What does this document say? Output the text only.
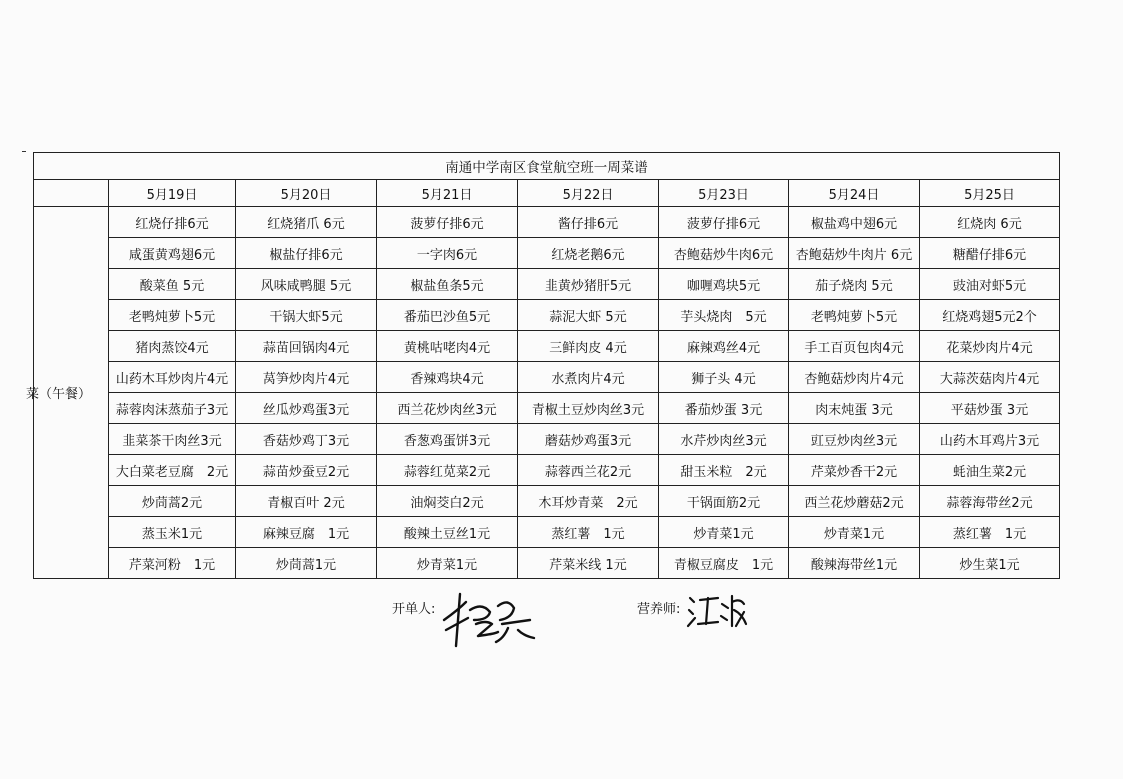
南通中学南区食堂航空班一周菜谱							
	5月19日	5月20日	5月21日	5月22日	5月23日	5月24日	5月25日
菜（午餐）	红烧仔排6元	红烧猪爪 6元	菠萝仔排6元	酱仔排6元	菠萝仔排6元	椒盐鸡中翅6元	红烧肉 6元
	咸蛋黄鸡翅6元	椒盐仔排6元	一字肉6元	红烧老鹅6元	杏鲍菇炒牛肉6元	杏鲍菇炒牛肉片 6元	糖醋仔排6元
	酸菜鱼 5元	风味咸鸭腿 5元	椒盐鱼条5元	韭黄炒猪肝5元	咖喱鸡块5元	茄子烧肉 5元	豉油对虾5元
	老鸭炖萝卜5元	干锅大虾5元	番茄巴沙鱼5元	蒜泥大虾 5元	芋头烧肉　5元	老鸭炖萝卜5元	红烧鸡翅5元2个
	猪肉蒸饺4元	蒜苗回锅肉4元	黄桃咕咾肉4元	三鲜肉皮 4元	麻辣鸡丝4元	手工百页包肉4元	花菜炒肉片4元
	山药木耳炒肉片4元	莴笋炒肉片4元	香辣鸡块4元	水煮肉片4元	狮子头 4元	杏鲍菇炒肉片4元	大蒜茨菇肉片4元
	蒜蓉肉沫蒸茄子3元	丝瓜炒鸡蛋3元	西兰花炒肉丝3元	青椒土豆炒肉丝3元	番茄炒蛋 3元	肉末炖蛋 3元	平菇炒蛋 3元
	韭菜茶干肉丝3元	香菇炒鸡丁3元	香葱鸡蛋饼3元	蘑菇炒鸡蛋3元	水芹炒肉丝3元	豇豆炒肉丝3元	山药木耳鸡片3元
	大白菜老豆腐　2元	蒜苗炒蚕豆2元	蒜蓉红苋菜2元	蒜蓉西兰花2元	甜玉米粒　2元	芹菜炒香干2元	蚝油生菜2元
	炒茼蒿2元	青椒百叶 2元	油焖茭白2元	木耳炒青菜　2元	干锅面筋2元	西兰花炒蘑菇2元	蒜蓉海带丝2元
	蒸玉米1元	麻辣豆腐　1元	酸辣土豆丝1元	蒸红薯　1元	炒青菜1元	炒青菜1元	蒸红薯　1元
	芹菜河粉　1元	炒茼蒿1元	炒青菜1元	芹菜米线 1元	青椒豆腐皮　1元	酸辣海带丝1元	炒生菜1元
开单人:	营养师:
